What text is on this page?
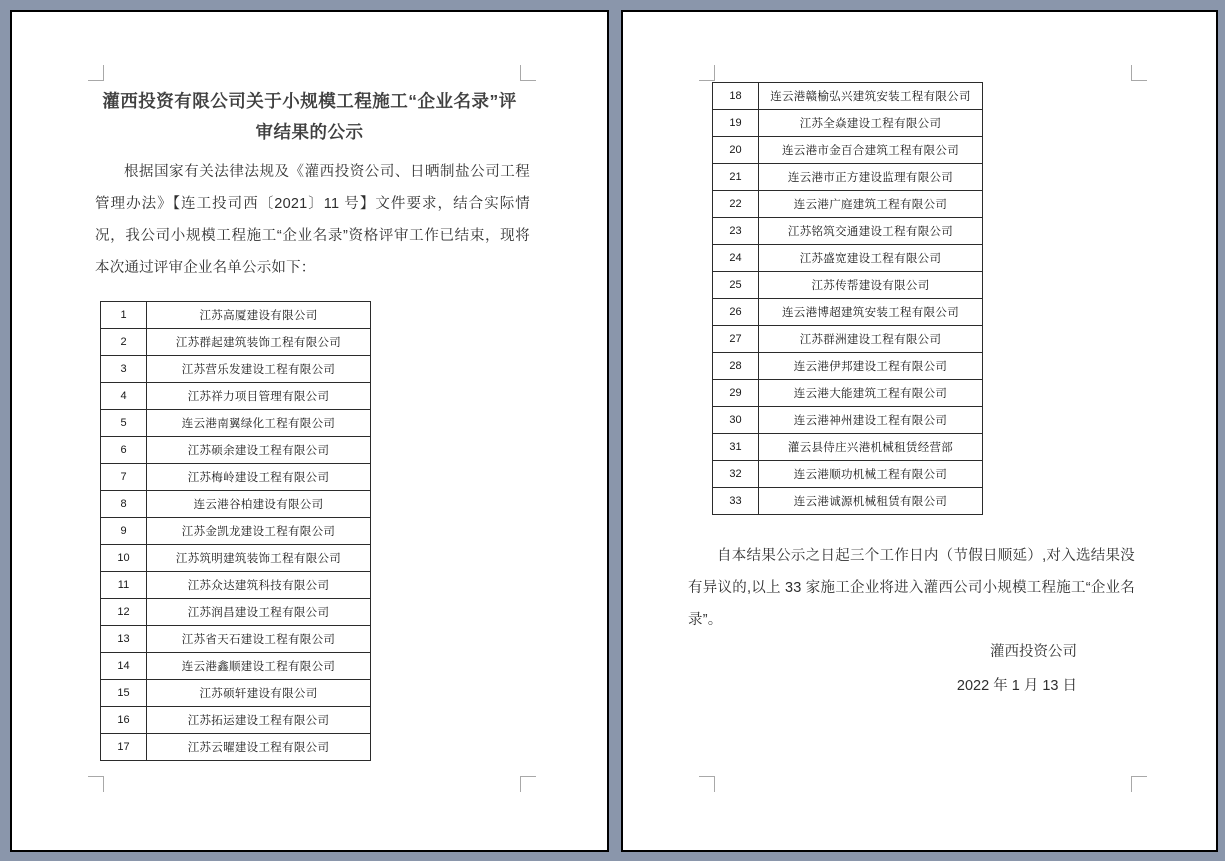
灌西投资有限公司关于小规模工程施工“企业名录”评
审结果的公示
根据国家有关法律法规及《灌西投资公司、日晒制盐公司工程管理办法》【连工投司西〔2021〕11 号】文件要求，结合实际情况，我公司小规模工程施工“企业名录”资格评审工作已结束，现将本次通过评审企业名单公示如下：
1	江苏高厦建设有限公司
2	江苏群起建筑装饰工程有限公司
3	江苏营乐发建设工程有限公司
4	江苏祥力项目管理有限公司
5	连云港南翼绿化工程有限公司
6	江苏硕余建设工程有限公司
7	江苏梅岭建设工程有限公司
8	连云港谷柏建设有限公司
9	江苏金凯龙建设工程有限公司
10	江苏筑明建筑装饰工程有限公司
11	江苏众达建筑科技有限公司
12	江苏润昌建设工程有限公司
13	江苏省天石建设工程有限公司
14	连云港鑫顺建设工程有限公司
15	江苏硕轩建设有限公司
16	江苏拓运建设工程有限公司
17	江苏云曜建设工程有限公司
18	连云港赣榆弘兴建筑安装工程有限公司
19	江苏全焱建设工程有限公司
20	连云港市金百合建筑工程有限公司
21	连云港市正方建设监理有限公司
22	连云港广庭建筑工程有限公司
23	江苏铭筑交通建设工程有限公司
24	江苏盛宽建设工程有限公司
25	江苏传帮建设有限公司
26	连云港博超建筑安装工程有限公司
27	江苏群洲建设工程有限公司
28	连云港伊邦建设工程有限公司
29	连云港大能建筑工程有限公司
30	连云港神州建设工程有限公司
31	灌云县侍庄兴港机械租赁经营部
32	连云港顺功机械工程有限公司
33	连云港诚源机械租赁有限公司
自本结果公示之日起三个工作日内（节假日顺延）,对入选结果没有异议的,以上 33 家施工企业将进入灌西公司小规模工程施工“企业名录”。
灌西投资公司
2022 年 1 月 13 日
